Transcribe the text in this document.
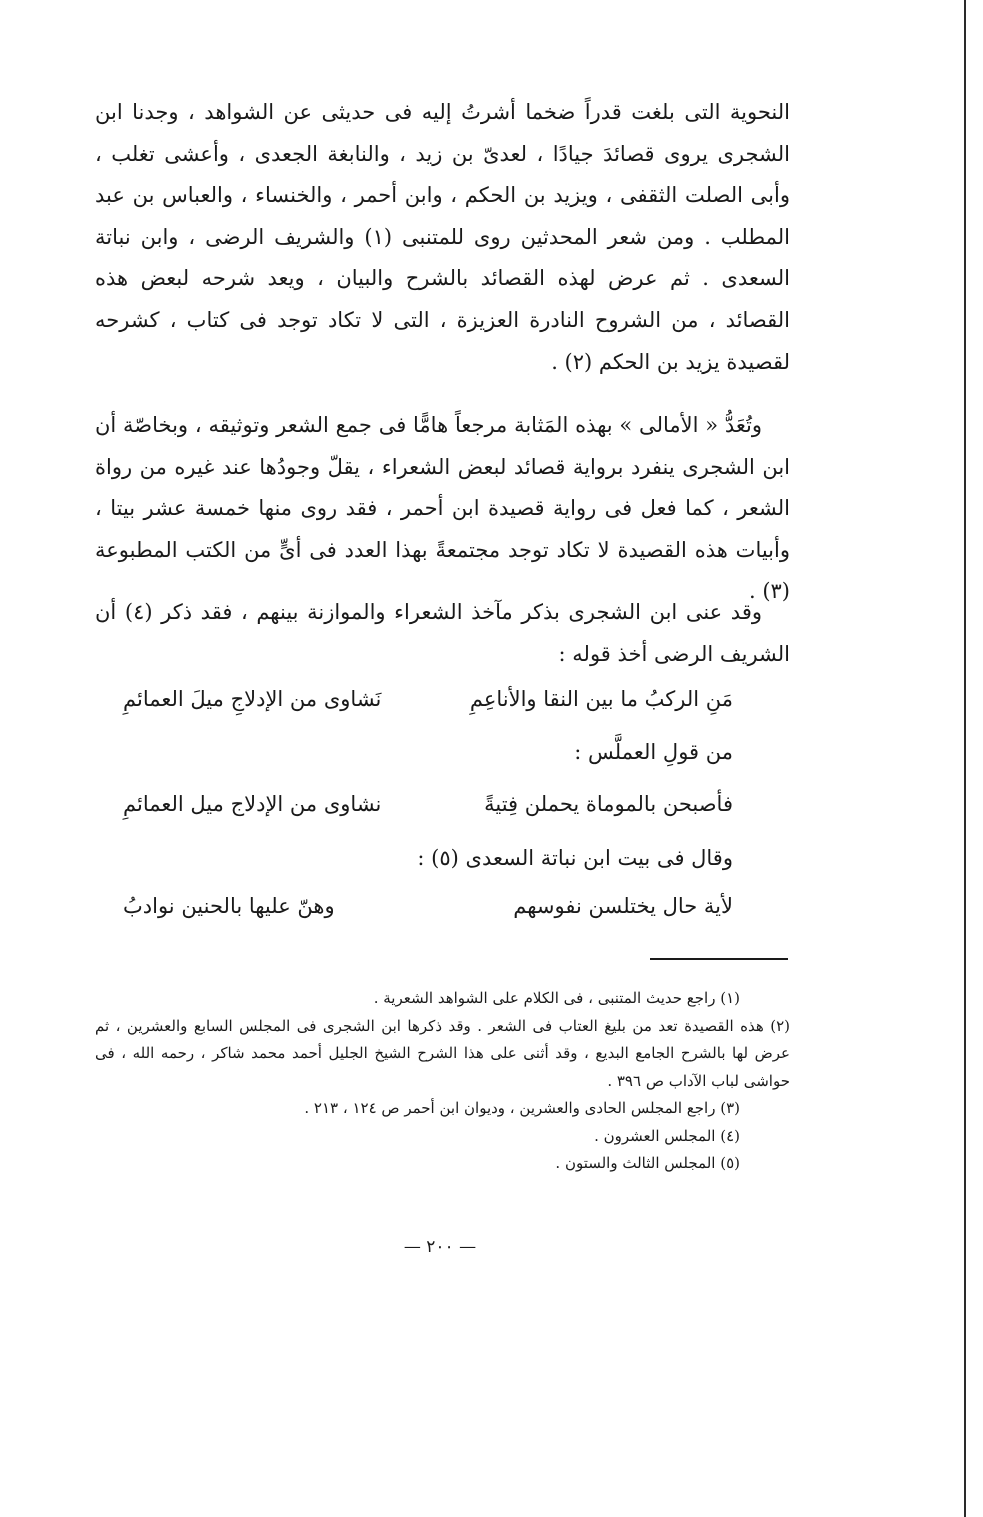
النحوية التى بلغت قدراً ضخما أشرتُ إليه فى حديثى عن الشواهد ، وجدنا ابن الشجرى يروى قصائدَ جيادًا ، لعدىّ بن زيد ، والنابغة الجعدى ، وأعشى تغلب ، وأبى الصلت الثقفى ، ويزيد بن الحكم ، وابن أحمر ، والخنساء ، والعباس بن عبد المطلب . ومن شعر المحدثين روى للمتنبى (١) والشريف الرضى ، وابن نباتة السعدى . ثم عرض لهذه القصائد بالشرح والبيان ، ويعد شرحه لبعض هذه القصائد ، من الشروح النادرة العزيزة ، التى لا تكاد توجد فى كتاب ، كشرحه لقصيدة يزيد بن الحكم (٢) .
وتُعَدُّ « الأمالى » بهذه المَثابة مرجعاً هامًّا فى جمع الشعر وتوثيقه ، وبخاصّة أن ابن الشجرى ينفرد برواية قصائد لبعض الشعراء ، يقلّ وجودُها عند غيره من رواة الشعر ، كما فعل فى رواية قصيدة ابن أحمر ، فقد روى منها خمسة عشر بيتا ، وأبيات هذه القصيدة لا تكاد توجد مجتمعةً بهذا العدد فى أىٍّ من الكتب المطبوعة (٣) .
وقد عنى ابن الشجرى بذكر مآخذ الشعراء والموازنة بينهم ، فقد ذكر (٤) أن الشريف الرضى أخذ قوله :
مَنِ الركبُ ما بين النقا والأناعِمِ
نَشاوى من الإدلاجِ ميلَ العمائمِ
من قولِ العملَّس :
فأصبحن بالموماة يحملن فِتيةً
نشاوى من الإدلاج ميل العمائمِ
وقال فى بيت ابن نباتة السعدى (٥) :
لأية حال يختلسن نفوسهم
وهنّ عليها بالحنين نوادبُ
(١) راجع حديث المتنبى ، فى الكلام على الشواهد الشعرية .
(٢) هذه القصيدة تعد من بليغ العتاب فى الشعر . وقد ذكرها ابن الشجرى فى المجلس السابع والعشرين ، ثم عرض لها بالشرح الجامع البديع ، وقد أثنى على هذا الشرح الشيخ الجليل أحمد محمد شاكر ، رحمه الله ، فى حواشى لباب الآداب ص ٣٩٦ .
(٣) راجع المجلس الحادى والعشرين ، وديوان ابن أحمر ص ١٢٤ ، ٢١٣ .
(٤) المجلس العشرون .
(٥) المجلس الثالث والستون .
— ٢٠٠ —
